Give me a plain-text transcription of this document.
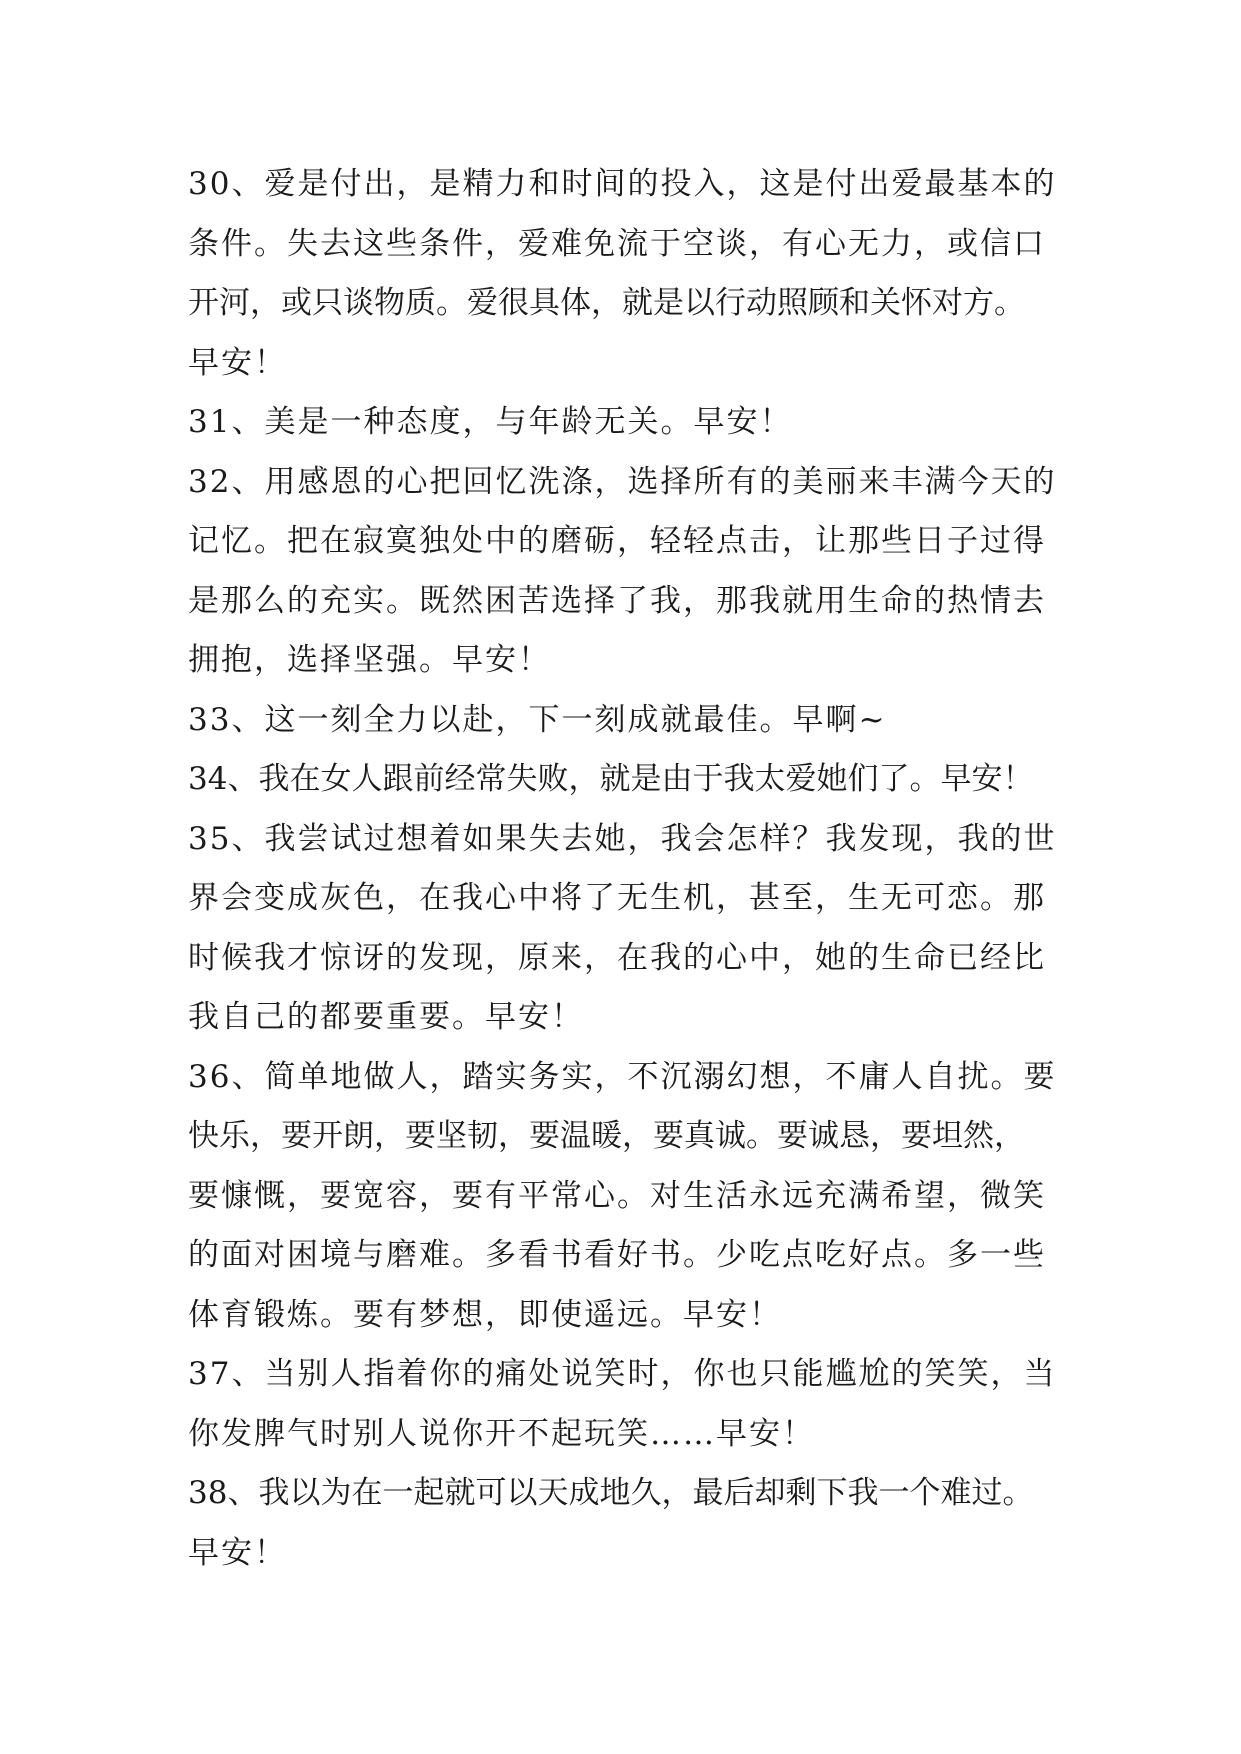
30、爱是付出，是精力和时间的投入，这是付出爱最基本的
条件。失去这些条件，爱难免流于空谈，有心无力，或信口
开河，或只谈物质。爱很具体，就是以行动照顾和关怀对方。
早安！
31、美是一种态度，与年龄无关。早安！
32、用感恩的心把回忆洗涤，选择所有的美丽来丰满今天的
记忆。把在寂寞独处中的磨砺，轻轻点击，让那些日子过得
是那么的充实。既然困苦选择了我，那我就用生命的热情去
拥抱，选择坚强。早安！
33、这一刻全力以赴，下一刻成就最佳。早啊~
34、我在女人跟前经常失败，就是由于我太爱她们了。早安！
35、我尝试过想着如果失去她，我会怎样？我发现，我的世
界会变成灰色，在我心中将了无生机，甚至，生无可恋。那
时候我才惊讶的发现，原来，在我的心中，她的生命已经比
我自己的都要重要。早安！
36、简单地做人，踏实务实，不沉溺幻想，不庸人自扰。要
快乐，要开朗，要坚韧，要温暖，要真诚。要诚恳，要坦然，
要慷慨，要宽容，要有平常心。对生活永远充满希望，微笑
的面对困境与磨难。多看书看好书。少吃点吃好点。多一些
体育锻炼。要有梦想，即使遥远。早安！
37、当别人指着你的痛处说笑时，你也只能尴尬的笑笑，当
你发脾气时别人说你开不起玩笑……早安！
38、我以为在一起就可以天成地久，最后却剩下我一个难过。
早安！
